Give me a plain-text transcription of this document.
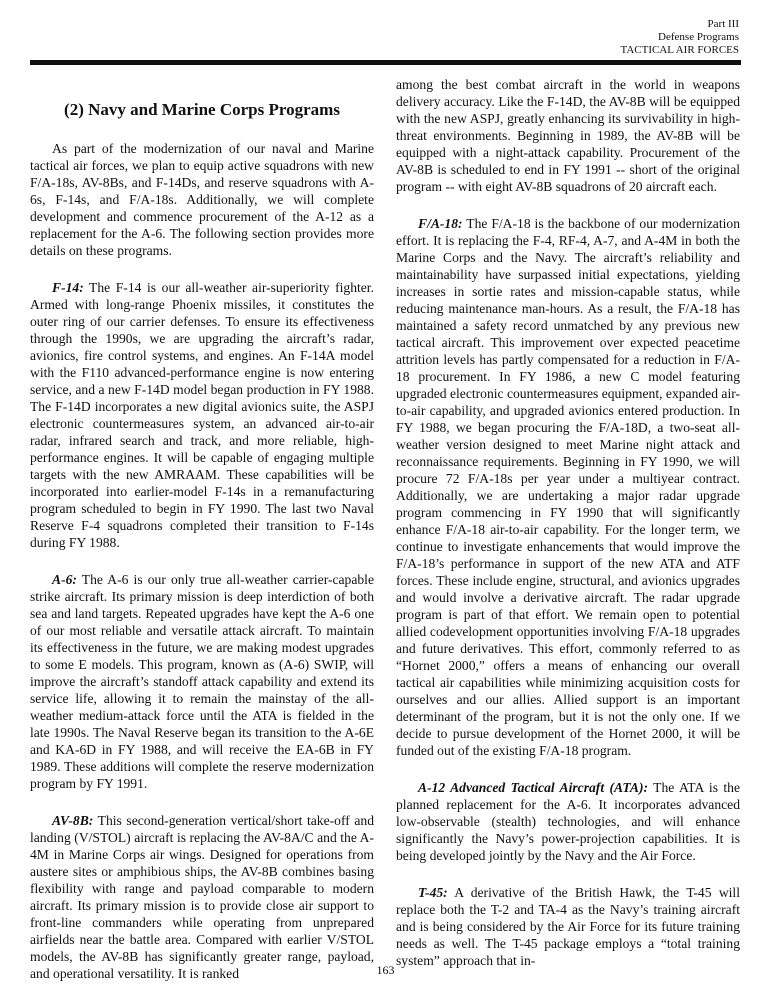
Part III
Defense Programs
TACTICAL AIR FORCES
(2) Navy and Marine Corps Programs

As part of the modernization of our naval and Marine tactical air forces, we plan to equip active squadrons with new F/A-18s, AV-8Bs, and F-14Ds, and reserve squadrons with A-6s, F-14s, and F/A-18s. Additionally, we will complete development and commence procurement of the A-12 as a replacement for the A-6. The following section provides more details on these programs.

F-14: The F-14 is our all-weather air-superiority fighter. Armed with long-range Phoenix missiles, it constitutes the outer ring of our carrier defenses. To ensure its effectiveness through the 1990s, we are upgrading the aircraft’s radar, avionics, fire control systems, and engines. An F-14A model with the F110 advanced-performance engine is now entering service, and a new F-14D model began production in FY 1988. The F-14D incorporates a new digital avionics suite, the ASPJ electronic countermeasures system, an advanced air-to-air radar, infrared search and track, and more reliable, high-performance engines. It will be capable of engaging multiple targets with the new AMRAAM. These capabilities will be incorporated into earlier-model F-14s in a remanufacturing program scheduled to begin in FY 1990. The last two Naval Reserve F-4 squadrons completed their transition to F-14s during FY 1988.

A-6: The A-6 is our only true all-weather carrier-capable strike aircraft. Its primary mission is deep interdiction of both sea and land targets. Repeated upgrades have kept the A-6 one of our most reliable and versatile attack aircraft. To maintain its effectiveness in the future, we are making modest upgrades to some E models. This program, known as (A-6) SWIP, will improve the aircraft’s standoff attack capability and extend its service life, allowing it to remain the mainstay of the all-weather medium-attack force until the ATA is fielded in the late 1990s. The Naval Reserve began its transition to the A-6E and KA-6D in FY 1988, and will receive the EA-6B in FY 1989. These additions will complete the reserve modernization program by FY 1991.

AV-8B: This second-generation vertical/short take-off and landing (V/STOL) aircraft is replacing the AV-8A/C and the A-4M in Marine Corps air wings. Designed for operations from austere sites or amphibious ships, the AV-8B combines basing flexibility with range and payload comparable to modern aircraft. Its primary mission is to provide close air support to front-line commanders while operating from unprepared airfields near the battle area. Compared with earlier V/STOL models, the AV-8B has significantly greater range, payload, and operational versatility. It is ranked

among the best combat aircraft in the world in weapons delivery accuracy. Like the F-14D, the AV-8B will be equipped with the new ASPJ, greatly enhancing its survivability in high-threat environments. Beginning in 1989, the AV-8B will be equipped with a night-attack capability. Procurement of the AV-8B is scheduled to end in FY 1991 -- short of the original program -- with eight AV-8B squadrons of 20 aircraft each.

F/A-18: The F/A-18 is the backbone of our modernization effort. It is replacing the F-4, RF-4, A-7, and A-4M in both the Marine Corps and the Navy. The aircraft’s reliability and maintainability have surpassed initial expectations, yielding increases in sortie rates and mission-capable status, while reducing maintenance man-hours. As a result, the F/A-18 has maintained a safety record unmatched by any previous new tactical aircraft. This improvement over expected peacetime attrition levels has partly compensated for a reduction in F/A-18 procurement. In FY 1986, a new C model featuring upgraded electronic countermeasures equipment, expanded air-to-air capability, and upgraded avionics entered production. In FY 1988, we began procuring the F/A-18D, a two-seat all-weather version designed to meet Marine night attack and reconnaissance requirements. Beginning in FY 1990, we will procure 72 F/A-18s per year under a multiyear contract. Additionally, we are undertaking a major radar upgrade program commencing in FY 1990 that will significantly enhance F/A-18 air-to-air capability. For the longer term, we continue to investigate enhancements that would improve the F/A-18’s performance in support of the new ATA and ATF forces. These include engine, structural, and avionics upgrades and would involve a derivative aircraft. The radar upgrade program is part of that effort. We remain open to potential allied codevelopment opportunities involving F/A-18 upgrades and future derivatives. This effort, commonly referred to as “Hornet 2000,” offers a means of enhancing our overall tactical air capabilities while minimizing acquisition costs for ourselves and our allies. Allied support is an important determinant of the program, but it is not the only one. If we decide to pursue development of the Hornet 2000, it will be funded out of the existing F/A-18 program.

A-12 Advanced Tactical Aircraft (ATA): The ATA is the planned replacement for the A-6. It incorporates advanced low-observable (stealth) technologies, and will enhance significantly the Navy’s power-projection capabilities. It is being developed jointly by the Navy and the Air Force.

T-45: A derivative of the British Hawk, the T-45 will replace both the T-2 and TA-4 as the Navy’s training aircraft and is being considered by the Air Force for its future training needs as well. The T-45 package employs a “total training system” approach that in-

163
